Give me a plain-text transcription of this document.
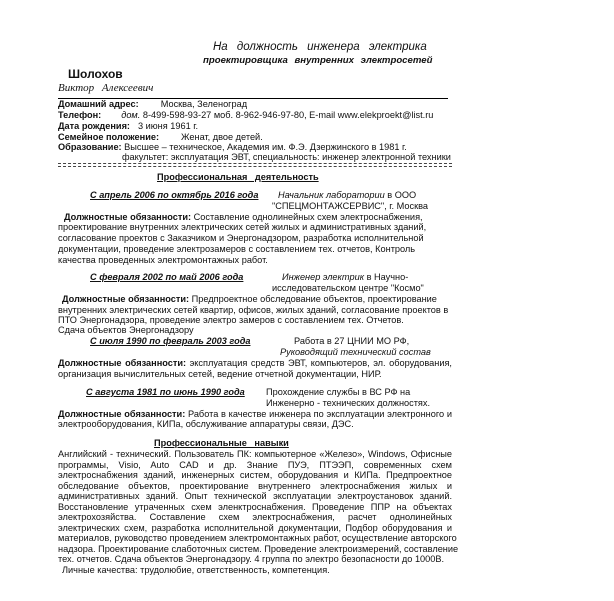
На должность инженера электрика
проектировщика внутренних электросетей
Шолохов
Виктор Алексеевич
Домашний адрес: Москва, Зеленоград
Телефон: дом. 8-499-598-93-27 моб. 8-962-946-97-80, E-mail www.elekproekt@list.ru
Дата рождения: 3 июня 1961 г.
Семейное положение: Женат, двое детей.
Образование: Высшее – техническое, Академия им. Ф.Э. Дзержинского в 1981 г.
факультет: эксплуатация ЭВТ, специальность: инженер электронной техники
Профессиональная деятельность
С апрель 2006 по октябрь 2016 года Начальник лаборатории в ООО
"СПЕЦМОНТАЖСЕРВИС", г. Москва
Должностные обязанности: Составление однолинейных схем электроснабжения,
проектирование внутренних электрических сетей жилых и административных зданий,
согласование проектов с Заказчиком и Энергонадзором, разработка исполнительной
документации, проведение электрозамеров с составлением тех. отчетов, Контроль
качества проведенных электромонтажных работ.
С февраля 2002 по май 2006 года	Инженер электрик в Научно-
исследовательском центре "Космо"
Должностные обязанности: Предпроектное обследование объектов, проектирование
внутренних электрических сетей квартир, офисов, жилых зданий, согласование проектов в
ПТО Энергонадзора, проведение электро замеров с составлением тех. Отчетов.
Сдача объектов Энергонадзору
С июля 1990 по февраль 2003 года	Работа в 27 ЦНИИ МО РФ,
Руководящий технический состав
Должностные обязанности: эксплуатация средств ЭВТ, компьютеров, эл. оборудования,
организация вычислительных сетей, ведение отчетной документации, НИР.
С августа 1981 по июнь 1990 года Прохождение службы в ВС РФ на
Инженерно - технических должностях.
Должностные обязанности: Работа в качестве инженера по эксплуатации электронного и
электрооборудования, КИПа, обслуживание аппаратуры связи, ДЭС.
Профессиональные навыки
Английский - технический. Пользователь ПК: компьютерное «Железо», Windows, Офисные
программы, Visio, Auto CAD и др. Знание ПУЭ, ПТЭЭП, современных схем
электроснабжения зданий, инженерных систем, оборудования и КИПа. Предпроектное
обследование объектов, проектирование внутреннего электроснабжения жилых и
административных зданий. Опыт технической эксплуатации электроустановок зданий.
Восстановление утраченных схем эленктроснабжения. Проведение ППР на объектах
электрохозяйства. Составление схем электроснабжения, расчет однолинейных
электрических схем, разработка исполнительной документации, Подбор оборудования и
материалов, руководство проведением электромонтажных работ, осуществление авторского
надзора. Проектирование слаботочных систем. Проведение электроизмерений, составление
тех. отчетов. Сдача объектов Энергонадзору. 4 группа по электро безопасности до 1000В.
Личные качества: трудолюбие, ответственность, компетенция.
